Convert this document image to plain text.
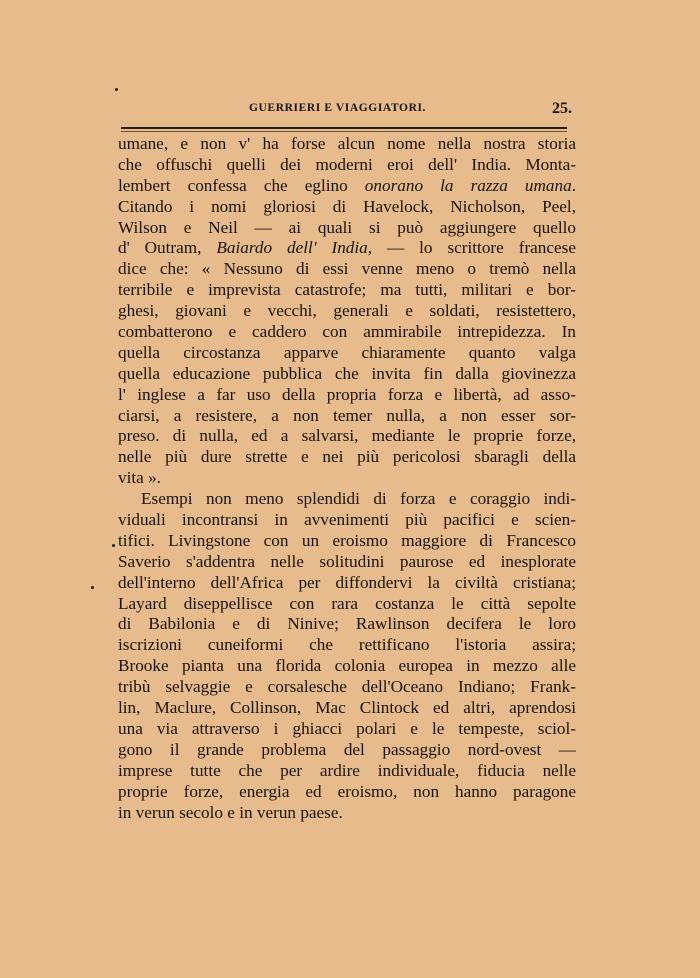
GUERRIERI E VIAGGIATORI.	25.
umane, e non v' ha forse alcun nome nella nostra storia
che offuschi quelli dei moderni eroi dell' India. Monta-
lembert confessa che eglino onorano la razza umana.
Citando i nomi gloriosi di Havelock, Nicholson, Peel,
Wilson e Neil — ai quali si può aggiungere quello
d' Outram, Baiardo dell' India, — lo scrittore francese
dice che: « Nessuno di essi venne meno o tremò nella
terribile e imprevista catastrofe; ma tutti, militari e bor-
ghesi, giovani e vecchi, generali e soldati, resistettero,
combatterono e caddero con ammirabile intrepidezza. In
quella circostanza apparve chiaramente quanto valga
quella educazione pubblica che invita fin dalla giovinezza
l' inglese a far uso della propria forza e libertà, ad asso-
ciarsi, a resistere, a non temer nulla, a non esser sor-
preso. di nulla, ed a salvarsi, mediante le proprie forze,
nelle più dure strette e nei più pericolosi sbaragli della
vita ».
Esempi non meno splendidi di forza e coraggio indi-
viduali incontransi in avvenimenti più pacifici e scien-
tifici. Livingstone con un eroismo maggiore di Francesco
Saverio s'addentra nelle solitudini paurose ed inesplorate
dell'interno dell'Africa per diffondervi la civiltà cristiana;
Layard diseppellisce con rara costanza le città sepolte
di Babilonia e di Ninive; Rawlinson decifera le loro
iscrizioni cuneiformi che rettificano l'istoria assira;
Brooke pianta una florida colonia europea in mezzo alle
tribù selvaggie e corsalesche dell'Oceano Indiano; Frank-
lin, Maclure, Collinson, Mac Clintock ed altri, aprendosi
una via attraverso i ghiacci polari e le tempeste, sciol-
gono il grande problema del passaggio nord-ovest —
imprese tutte che per ardire individuale, fiducia nelle
proprie forze, energia ed eroismo, non hanno paragone
in verun secolo e in verun paese.
